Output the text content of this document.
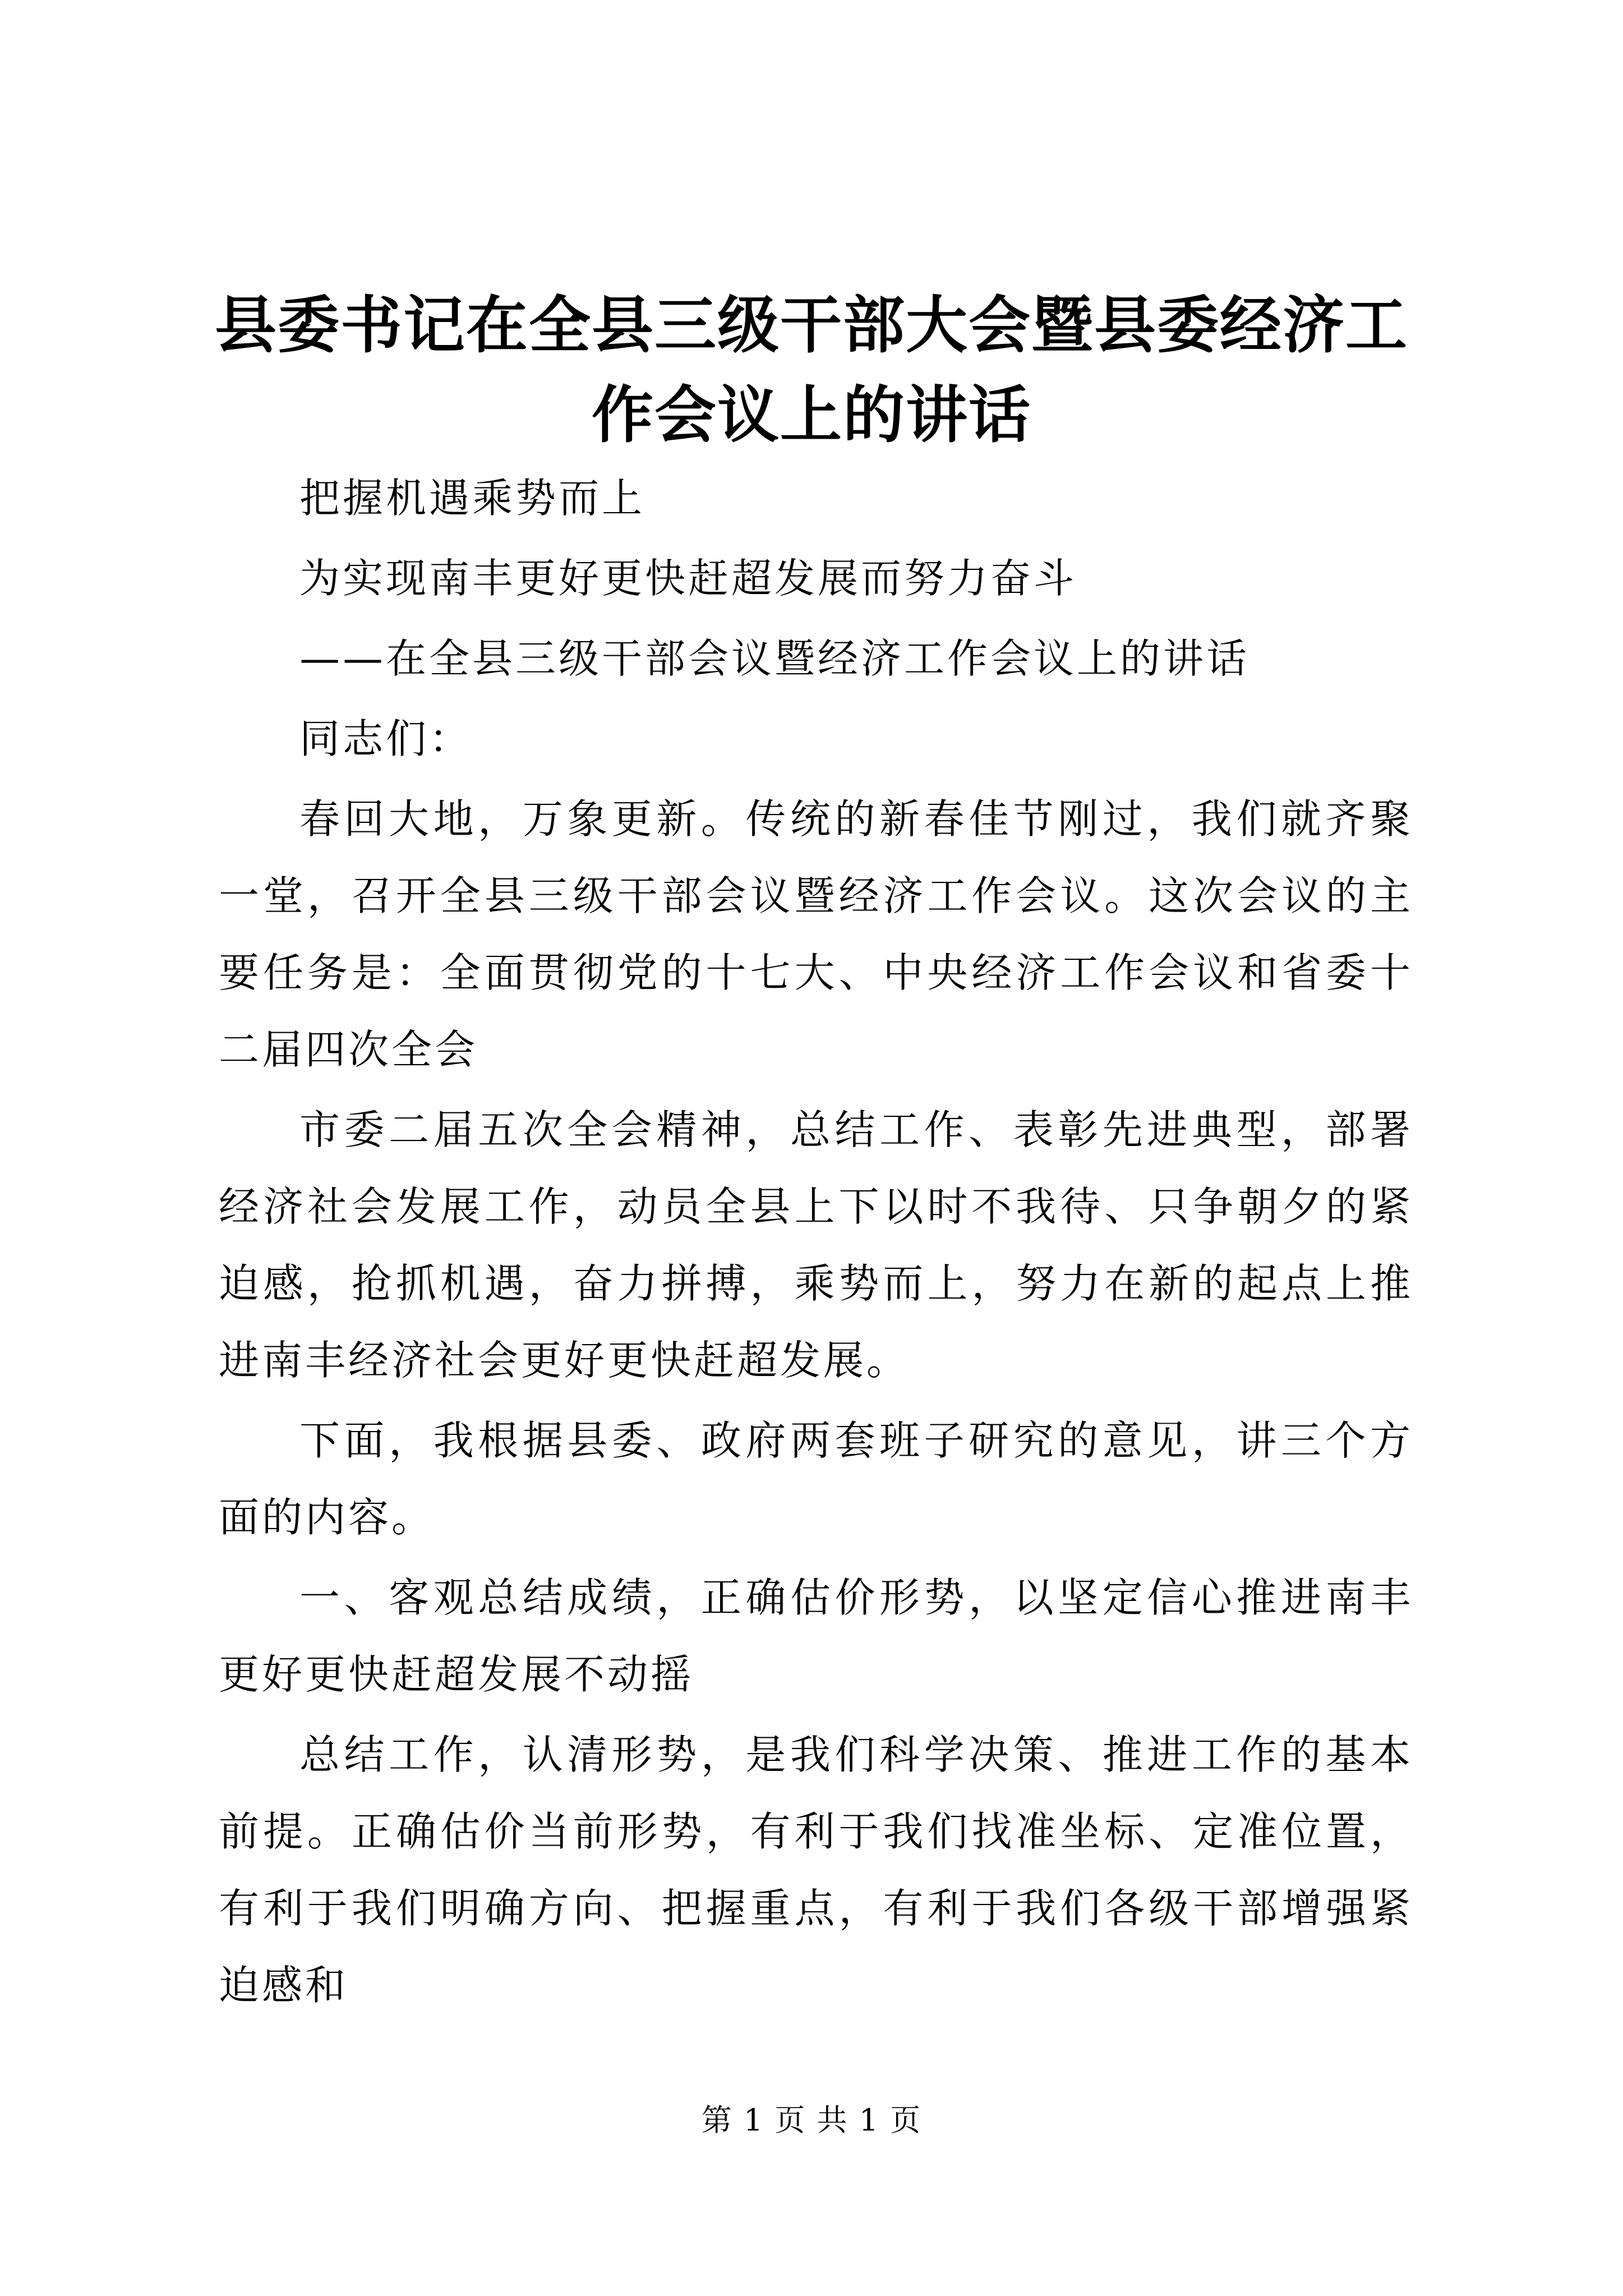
县委书记在全县三级干部大会暨县委经济工作会议上的讲话

把握机遇乘势而上

为实现南丰更好更快赶超发展而努力奋斗

——在全县三级干部会议暨经济工作会议上的讲话

同志们：

春回大地，万象更新。传统的新春佳节刚过，我们就齐聚一堂，召开全县三级干部会议暨经济工作会议。这次会议的主要任务是：全面贯彻党的十七大、中央经济工作会议和省委十二届四次全会

市委二届五次全会精神，总结工作、表彰先进典型，部署经济社会发展工作，动员全县上下以时不我待、只争朝夕的紧迫感，抢抓机遇，奋力拼搏，乘势而上，努力在新的起点上推进南丰经济社会更好更快赶超发展。

下面，我根据县委、政府两套班子研究的意见，讲三个方面的内容。

一、客观总结成绩，正确估价形势，以坚定信心推进南丰更好更快赶超发展不动摇

总结工作，认清形势，是我们科学决策、推进工作的基本前提。正确估价当前形势，有利于我们找准坐标、定准位置，有利于我们明确方向、把握重点，有利于我们各级干部增强紧迫感和

第 1 页 共 1 页
